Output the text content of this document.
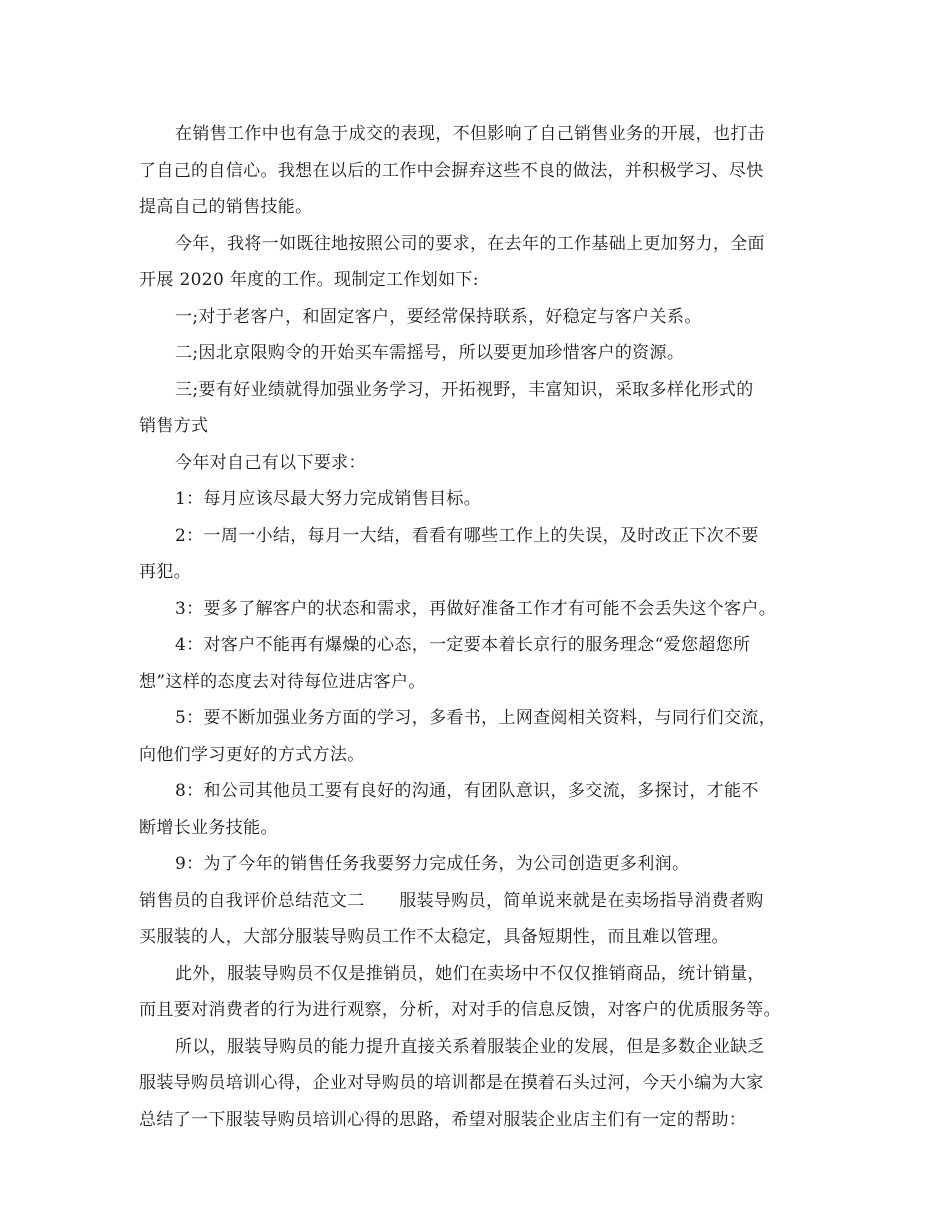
在销售工作中也有急于成交的表现，不但影响了自己销售业务的开展，也打击
了自己的自信心。我想在以后的工作中会摒弃这些不良的做法，并积极学习、尽快
提高自己的销售技能。
今年，我将一如既往地按照公司的要求，在去年的工作基础上更加努力，全面
开展 2020 年度的工作。现制定工作划如下:
一;对于老客户，和固定客户，要经常保持联系，好稳定与客户关系。
二;因北京限购令的开始买车需摇号，所以要更加珍惜客户的资源。
三;要有好业绩就得加强业务学习，开拓视野，丰富知识，采取多样化形式的
销售方式
今年对自己有以下要求：
1：每月应该尽最大努力完成销售目标。
2：一周一小结，每月一大结，看看有哪些工作上的失误，及时改正下次不要
再犯。
3：要多了解客户的状态和需求，再做好准备工作才有可能不会丢失这个客户。
4：对客户不能再有爆燥的心态，一定要本着长京行的服务理念“爱您超您所
想”这样的态度去对待每位进店客户。
5：要不断加强业务方面的学习，多看书，上网查阅相关资料，与同行们交流，
向他们学习更好的方式方法。
8：和公司其他员工要有良好的沟通，有团队意识，多交流，多探讨，才能不
断增长业务技能。
9：为了今年的销售任务我要努力完成任务，为公司创造更多利润。
销售员的自我评价总结范文二　　服装导购员，简单说来就是在卖场指导消费者购
买服装的人，大部分服装导购员工作不太稳定，具备短期性，而且难以管理。
此外，服装导购员不仅是推销员，她们在卖场中不仅仅推销商品，统计销量，
而且要对消费者的行为进行观察，分析，对对手的信息反馈，对客户的优质服务等。
所以，服装导购员的能力提升直接关系着服装企业的发展，但是多数企业缺乏
服装导购员培训心得，企业对导购员的培训都是在摸着石头过河，今天小编为大家
总结了一下服装导购员培训心得的思路，希望对服装企业店主们有一定的帮助：
